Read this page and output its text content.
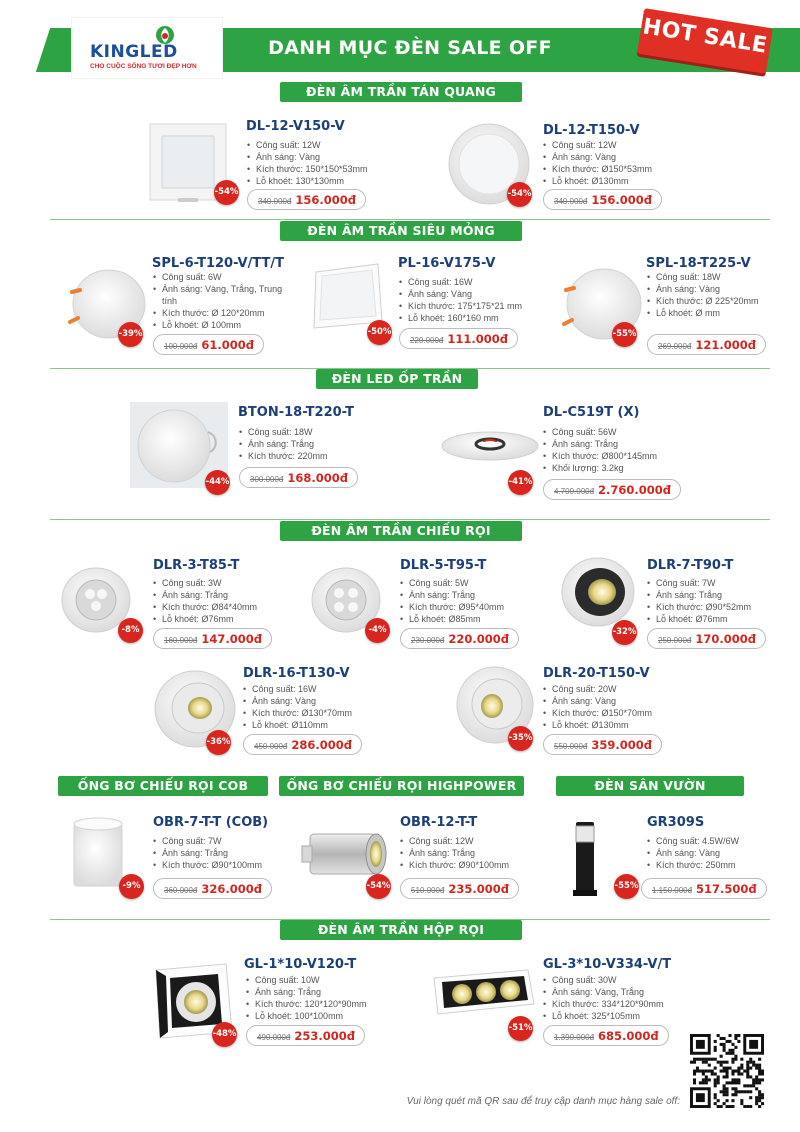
KINGLED
CHO CUỘC SỐNG TƯƠI ĐẸP HƠN
DANH MỤC ĐÈN SALE OFF	HOT SALE
ĐÈN ÂM TRẦN TÁN QUANG
ĐÈN ÂM TRẦN SIÊU MỎNG
ĐÈN LED ỐP TRẦN
ĐÈN ÂM TRẦN CHIẾU RỌI
ỐNG BƠ CHIẾU RỌI COB	ỐNG BƠ CHIẾU RỌI HIGHPOWER	ĐÈN SÂN VƯỜN
ĐÈN ÂM TRẦN HỘP RỌI
-54%
DL-12-V150-V
• Công suất: 12W
• Ánh sáng: Vàng
• Kích thước: 150*150*53mm
• Lỗ khoét: 130*130mm
340.000đ 156.000đ	-54%
DL-12-T150-V
• Công suất: 12W
• Ánh sáng: Vàng
• Kích thước: Ø150*53mm
• Lỗ khoét: Ø130mm
340.000đ 156.000đ
-39%
SPL-6-T120-V/TT/T
• Công suất: 6W
• Ánh sáng: Vàng, Trắng, Trung tính
• Kích thước: Ø 120*20mm
• Lỗ khoét: Ø 100mm
100.000đ 61.000đ
-50%
PL-16-V175-V
• Công suất: 16W
• Ánh sáng: Vàng
• Kích thước: 175*175*21 mm
• Lỗ khoét: 160*160 mm
220.000đ 111.000đ	-55%
SPL-18-T225-V
• Công suất: 18W
• Ánh sáng: Vàng
• Kích thước: Ø 225*20mm
• Lỗ khoét: Ø mm
269.000đ 121.000đ
-44%
BTON-18-T220-T
• Công suất: 18W
• Ánh sáng: Trắng
• Kích thước: 220mm
300.000đ 168.000đ	-41%
DL-C519T (X)
• Công suất: 56W
• Ánh sáng: Trắng
• Kích thước: Ø800*145mm
• Khối lượng: 3.2kg
4.700.000đ 2.760.000đ
-8%
DLR-3-T85-T
• Công suất: 3W
• Ánh sáng: Trắng
• Kích thước: Ø84*40mm
• Lỗ khoét: Ø76mm
160.000đ 147.000đ
-4%
DLR-5-T95-T
• Công suất: 5W
• Ánh sáng: Trắng
• Kích thước: Ø95*40mm
• Lỗ khoét: Ø85mm
230.000đ 220.000đ	-32%
DLR-7-T90-T
• Công suất: 7W
• Ánh sáng: Trắng
• Kích thước: Ø90*52mm
• Lỗ khoét: Ø76mm
250.000đ 170.000đ
-36%
DLR-16-T130-V
• Công suất: 16W
• Ánh sáng: Vàng
• Kích thước: Ø130*70mm
• Lỗ khoét: Ø110mm
450.000đ 286.000đ	-35%
DLR-20-T150-V
• Công suất: 20W
• Ánh sáng: Vàng
• Kích thước: Ø150*70mm
• Lỗ khoét: Ø130mm
550.000đ 359.000đ
-9%
OBR-7-T-T (COB)
• Công suất: 7W
• Ánh sáng: Trắng
• Kích thước: Ø90*100mm
360.000đ 326.000đ	-54%
OBR-12-T-T
• Công suất: 12W
• Ánh sáng: Trắng
• Kích thước: Ø90*100mm
510.000đ 235.000đ	-55%
GR309S
• Công suất: 4.5W/6W
• Ánh sáng: Vàng
• Kích thước: 250mm
1.150.000đ 517.500đ
-48%
GL-1*10-V120-T
• Công suất: 10W
• Ánh sáng: Trắng
• Kích thước: 120*120*90mm
• Lỗ khoét: 100*100mm
490.000đ 253.000đ
-51%
GL-3*10-V334-V/T
• Công suất: 30W
• Ánh sáng: Vàng, Trắng
• Kích thước: 334*120*90mm
• Lỗ khoét: 325*105mm
1.390.000đ 685.000đ
Vui lòng quét mã QR sau để truy cập danh mục hàng sale off:
